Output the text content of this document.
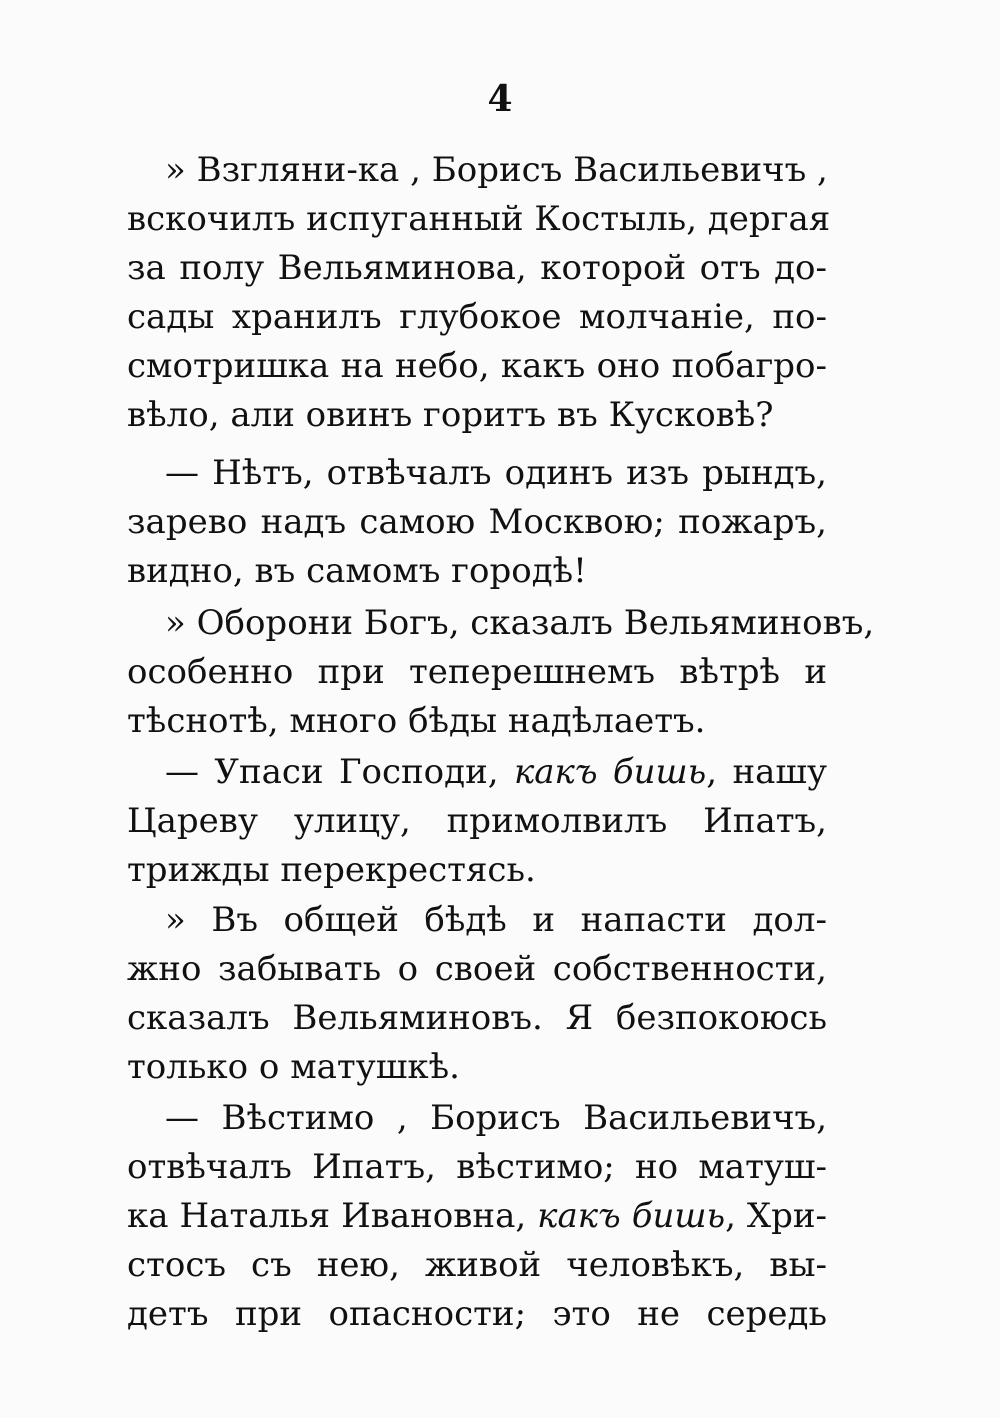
4
» Взгляни-ка , Борисъ Васильевичъ ,
вскочилъ испуганный Костыль, дергая
за полу Вельяминова, которой отъ до-
сады хранилъ глубокое молчаніе, по-
смотришка на небо, какъ оно побагро-
вѣло, али овинъ горитъ въ Кусковѣ?
— Нѣтъ, отвѣчалъ одинъ изъ рындъ,
зарево надъ самою Москвою; пожаръ,
видно, въ самомъ городѣ!
» Оборони Богъ, сказалъ Вельяминовъ,
особенно при теперешнемъ вѣтрѣ и
тѣснотѣ, много бѣды надѣлаетъ.
— Упаси Господи, какъ бишь, нашу
Цареву улицу, примолвилъ Ипатъ,
трижды перекрестясь.
» Въ общей бѣдѣ и напасти дол-
жно забывать о своей собственности,
сказалъ Вельяминовъ. Я безпокоюсь
только о матушкѣ.
— Вѣстимо , Борисъ Васильевичъ,
отвѣчалъ Ипатъ, вѣстимо; но матуш-
ка Наталья Ивановна, какъ бишь, Хри-
стосъ съ нею, живой человѣкъ, вы-
детъ при опасности; это не середь
